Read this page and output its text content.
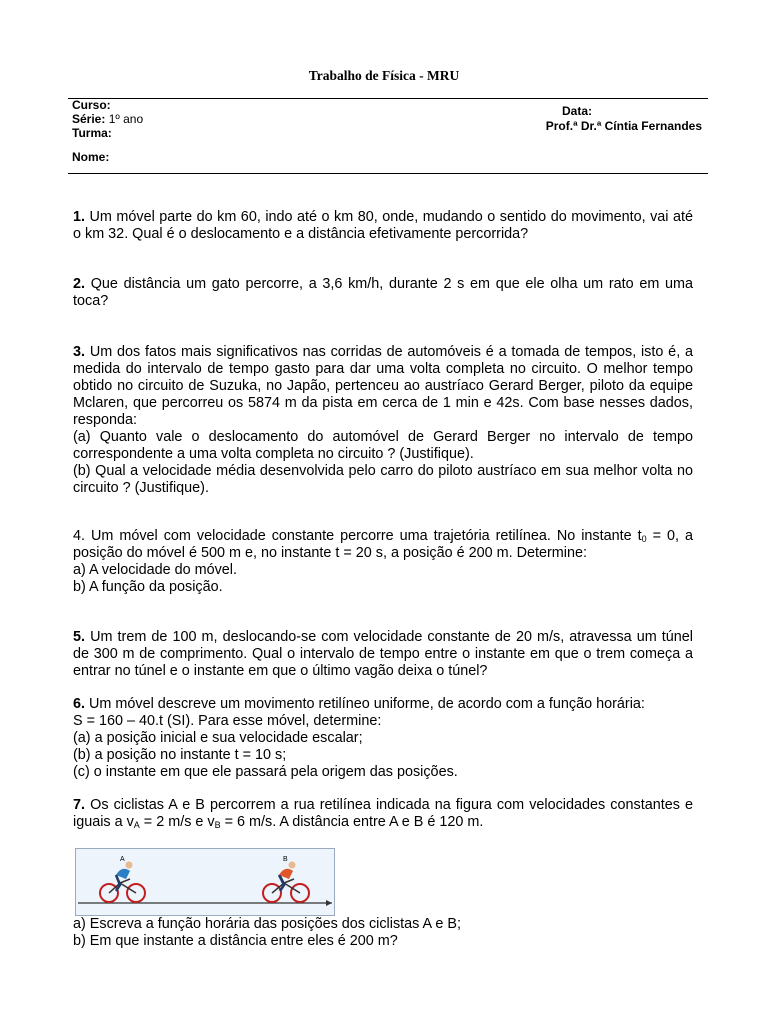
Trabalho de Física - MRU
Curso:
Série: 1º ano
Turma:
Data:
Prof.ª Dr.ª Cíntia Fernandes
Nome:

1. Um móvel parte do km 60, indo até o km 80, onde, mudando o sentido do movimento, vai até o km 32. Qual é o deslocamento e a distância efetivamente percorrida?

2. Que distância um gato percorre, a 3,6 km/h, durante 2 s em que ele olha um rato em uma toca?

3. Um dos fatos mais significativos nas corridas de automóveis é a tomada de tempos, isto é, a medida do intervalo de tempo gasto para dar uma volta completa no circuito. O melhor tempo obtido no circuito de Suzuka, no Japão, pertenceu ao austríaco Gerard Berger, piloto da equipe Mclaren, que percorreu os 5874 m da pista em cerca de 1 min e 42s. Com base nesses dados, responda:

(a) Quanto vale o deslocamento do automóvel de Gerard Berger no intervalo de tempo correspondente a uma volta completa no circuito ? (Justifique).

(b) Qual a velocidade média desenvolvida pelo carro do piloto austríaco em sua melhor volta no circuito ? (Justifique).

4. Um móvel com velocidade constante percorre uma trajetória retilínea. No instante $t_0 = 0$, a posição do móvel é 500 m e, no instante t = 20 s, a posição é 200 m. Determine:

a) A velocidade do móvel.

b) A função da posição.

5. Um trem de 100 m, deslocando-se com velocidade constante de 20 m/s, atravessa um túnel de 300 m de comprimento. Qual o intervalo de tempo entre o instante em que o trem começa a entrar no túnel e o instante em que o último vagão deixa o túnel?

6. Um móvel descreve um movimento retilíneo uniforme, de acordo com a função horária:

S = 160 – 40.t (SI). Para esse móvel, determine:

(a) a posição inicial e sua velocidade escalar;

(b) a posição no instante t = 10 s;

(c) o instante em que ele passará pela origem das posições.

7. Os ciclistas A e B percorrem a rua retilínea indicada na figura com velocidades constantes e iguais a $v_A = 2$ m/s e $v_B = 6$ m/s. A distância entre A e B é 120 m.

A	B

a) Escreva a função horária das posições dos ciclistas A e B;

b) Em que instante a distância entre eles é 200 m?
